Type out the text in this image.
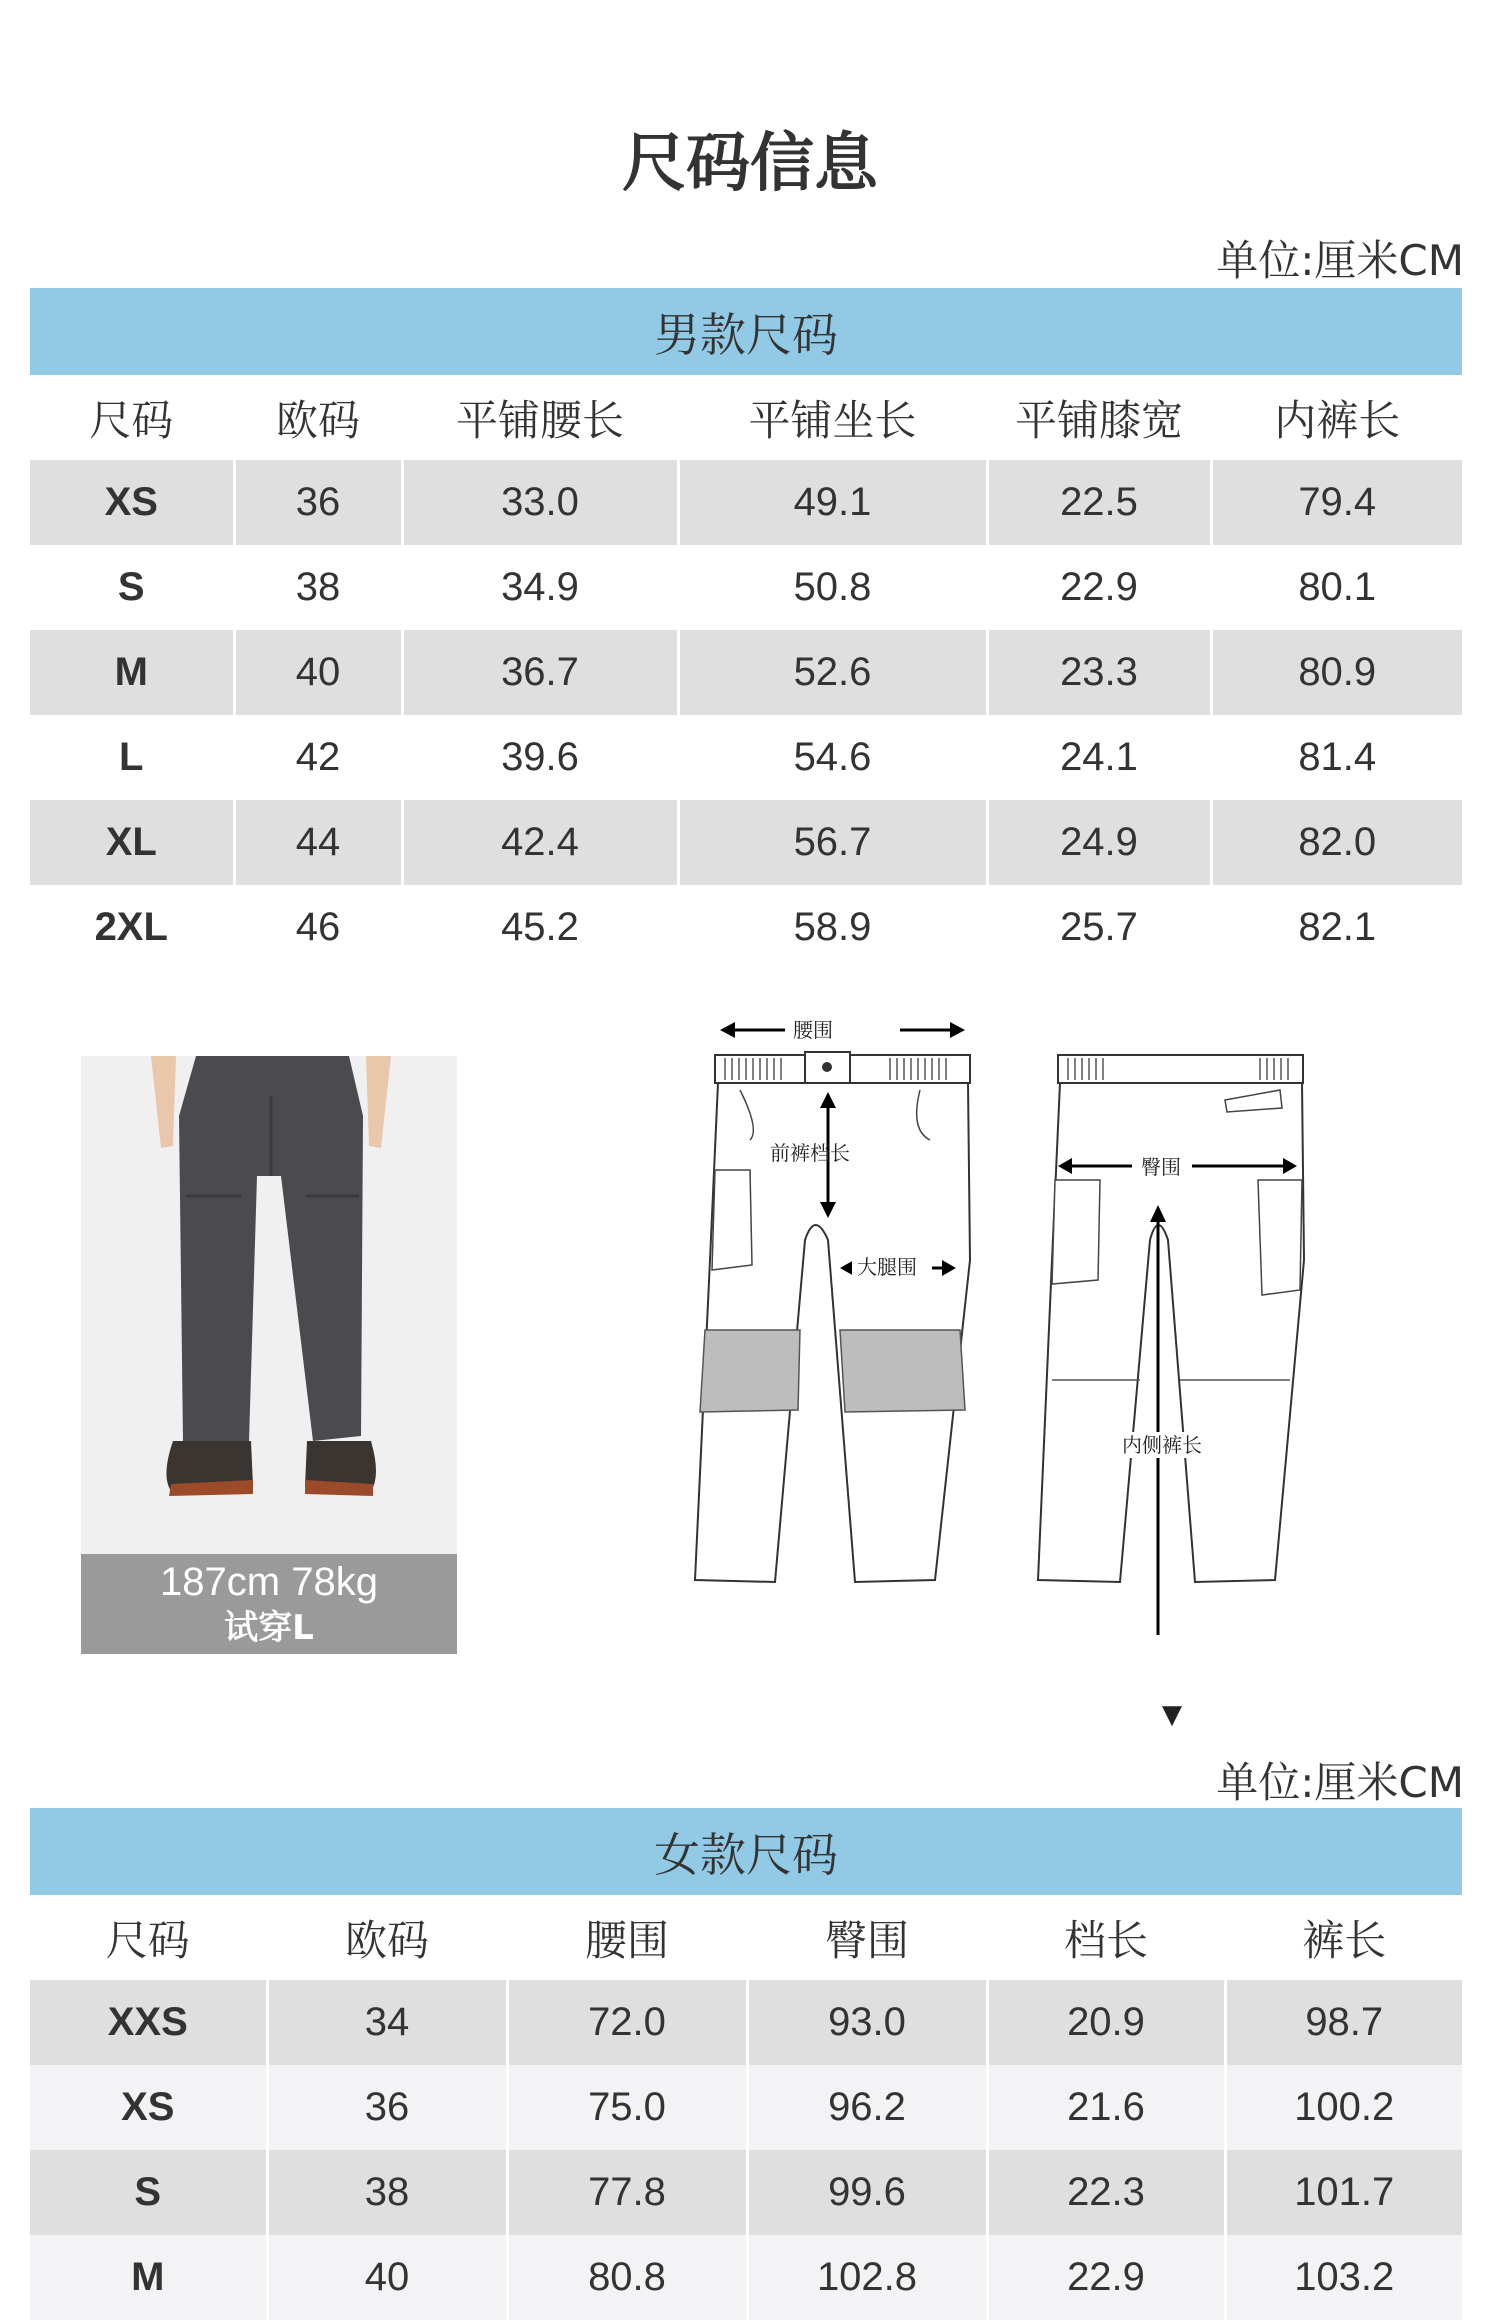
尺码信息
单位:厘米CM
男款尺码					
尺码	欧码	平铺腰长	平铺坐长	平铺膝宽	内裤长
XS	36	33.0	49.1	22.5	79.4
S	38	34.9	50.8	22.9	80.1
M	40	36.7	52.6	23.3	80.9
L	42	39.6	54.6	24.1	81.4
XL	44	42.4	56.7	24.9	82.0
2XL	46	45.2	58.9	25.7	82.1
187cm 78kg
试穿L
腰围
前裤档长
大腿围
臀围
内侧裤长
▼
单位:厘米CM
女款尺码					
尺码	欧码	腰围	臀围	档长	裤长
XXS	34	72.0	93.0	20.9	98.7
XS	36	75.0	96.2	21.6	100.2
S	38	77.8	99.6	22.3	101.7
M	40	80.8	102.8	22.9	103.2
